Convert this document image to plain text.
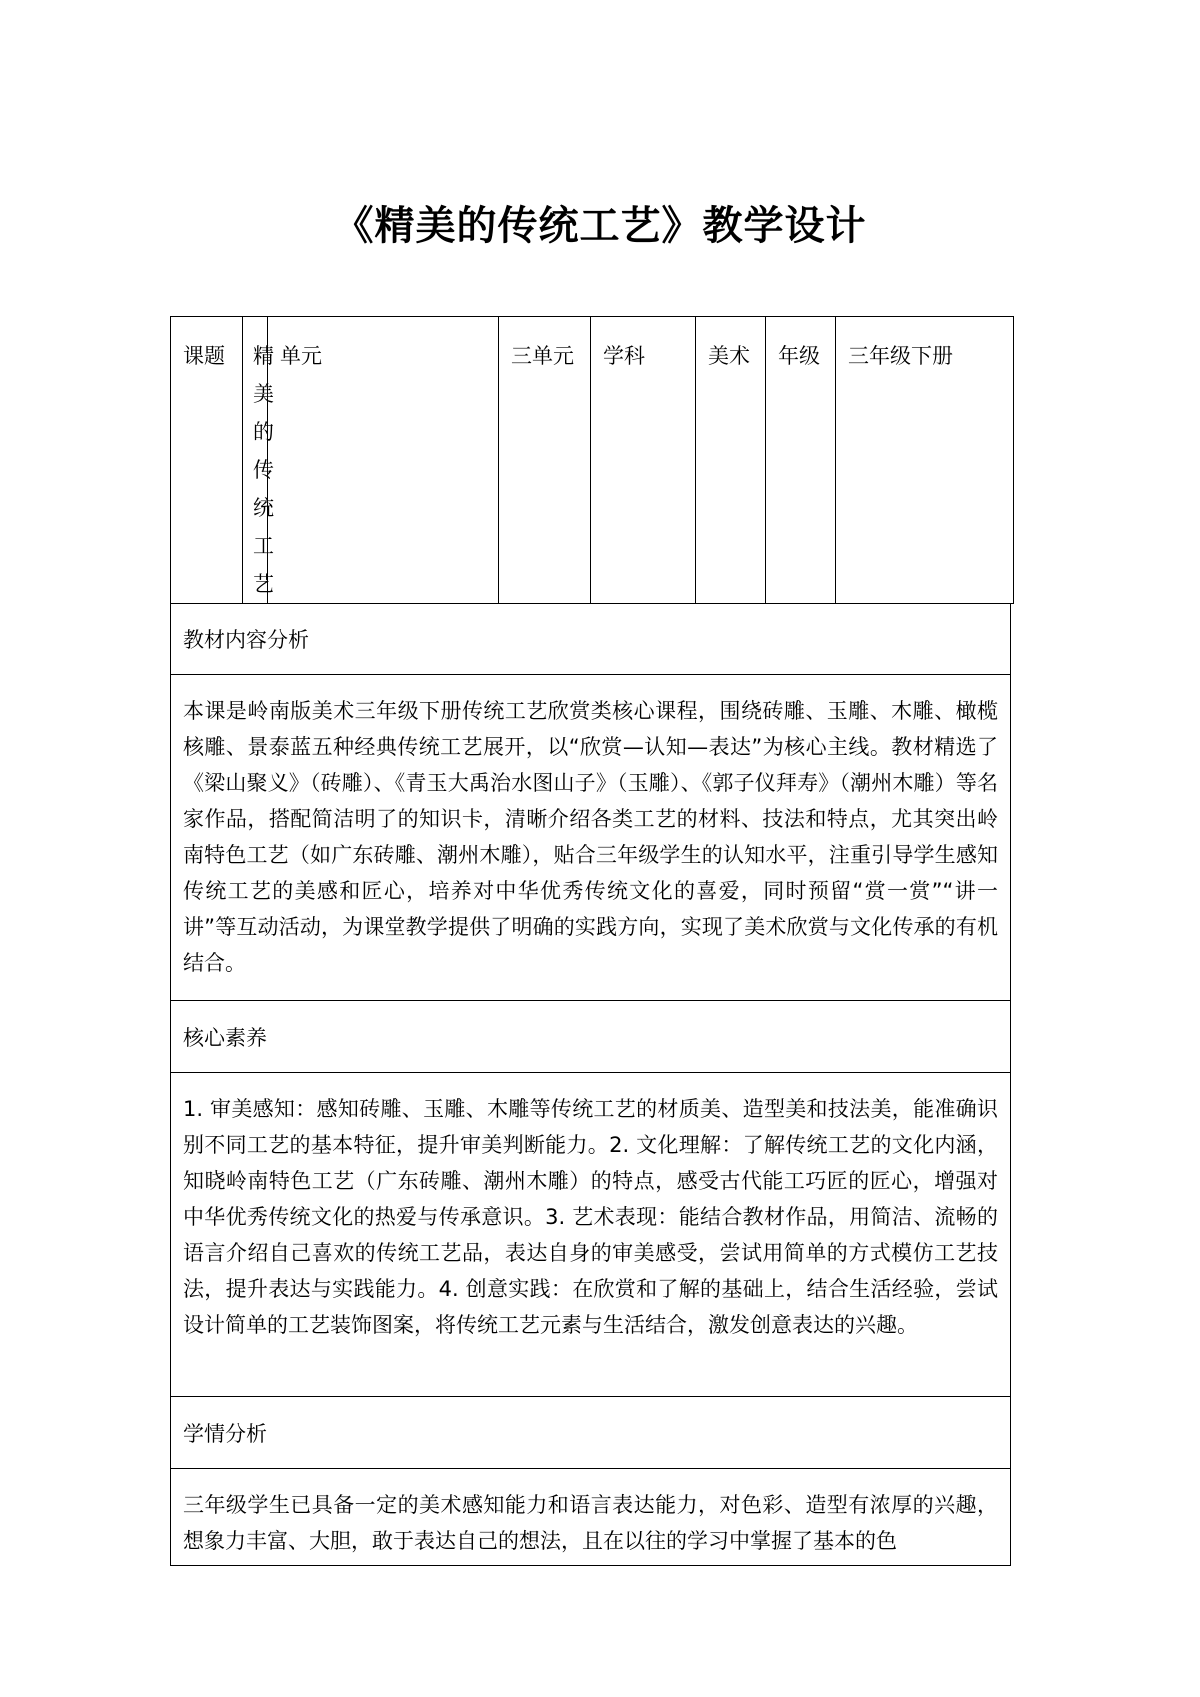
《精美的传统工艺》教学设计
课题	精美的传统工艺	单元	三单元	学科	美术	年级	三年级下册
教材内容分析
本课是岭南版美术三年级下册传统工艺欣赏类核心课程，围绕砖雕、玉雕、木雕、橄榄核雕、景泰蓝五种经典传统工艺展开，以“欣赏—认知—表达”为核心主线。教材精选了《梁山聚义》（砖雕）、《青玉大禹治水图山子》（玉雕）、《郭子仪拜寿》（潮州木雕）等名家作品，搭配简洁明了的知识卡，清晰介绍各类工艺的材料、技法和特点，尤其突出岭南特色工艺（如广东砖雕、潮州木雕），贴合三年级学生的认知水平，注重引导学生感知传统工艺的美感和匠心，培养对中华优秀传统文化的喜爱，同时预留“赏一赏”“讲一讲”等互动活动，为课堂教学提供了明确的实践方向，实现了美术欣赏与文化传承的有机结合。
核心素养
1. 审美感知：感知砖雕、玉雕、木雕等传统工艺的材质美、造型美和技法美，能准确识别不同工艺的基本特征，提升审美判断能力。2. 文化理解：了解传统工艺的文化内涵，知晓岭南特色工艺（广东砖雕、潮州木雕）的特点，感受古代能工巧匠的匠心，增强对中华优秀传统文化的热爱与传承意识。3. 艺术表现：能结合教材作品，用简洁、流畅的语言介绍自己喜欢的传统工艺品，表达自身的审美感受，尝试用简单的方式模仿工艺技法，提升表达与实践能力。4. 创意实践：在欣赏和了解的基础上，结合生活经验，尝试设计简单的工艺装饰图案，将传统工艺元素与生活结合，激发创意表达的兴趣。
学情分析
三年级学生已具备一定的美术感知能力和语言表达能力，对色彩、造型有浓厚的兴趣，想象力丰富、大胆，敢于表达自己的想法，且在以往的学习中掌握了基本的色
